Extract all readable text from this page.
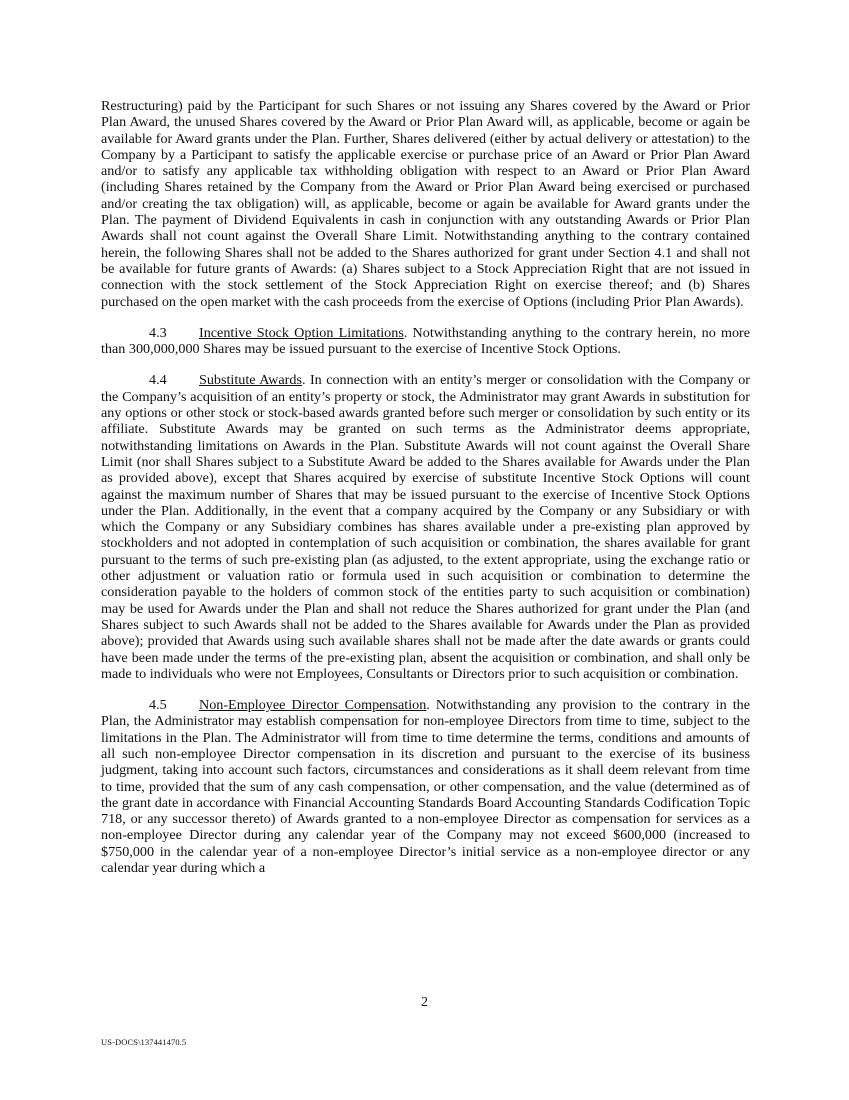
Restructuring) paid by the Participant for such Shares or not issuing any Shares covered by the Award or Prior Plan Award, the unused Shares covered by the Award or Prior Plan Award will, as applicable, become or again be available for Award grants under the Plan. Further, Shares delivered (either by actual delivery or attestation) to the Company by a Participant to satisfy the applicable exercise or purchase price of an Award or Prior Plan Award and/or to satisfy any applicable tax withholding obligation with respect to an Award or Prior Plan Award (including Shares retained by the Company from the Award or Prior Plan Award being exercised or purchased and/or creating the tax obligation) will, as applicable, become or again be available for Award grants under the Plan. The payment of Dividend Equivalents in cash in conjunction with any outstanding Awards or Prior Plan Awards shall not count against the Overall Share Limit. Notwithstanding anything to the contrary contained herein, the following Shares shall not be added to the Shares authorized for grant under Section 4.1 and shall not be available for future grants of Awards: (a) Shares subject to a Stock Appreciation Right that are not issued in connection with the stock settlement of the Stock Appreciation Right on exercise thereof; and (b) Shares purchased on the open market with the cash proceeds from the exercise of Options (including Prior Plan Awards).

4.3 Incentive Stock Option Limitations. Notwithstanding anything to the contrary herein, no more than 300,000,000 Shares may be issued pursuant to the exercise of Incentive Stock Options.

4.4 Substitute Awards. In connection with an entity’s merger or consolidation with the Company or the Company’s acquisition of an entity’s property or stock, the Administrator may grant Awards in substitution for any options or other stock or stock-based awards granted before such merger or consolidation by such entity or its affiliate. Substitute Awards may be granted on such terms as the Administrator deems appropriate, notwithstanding limitations on Awards in the Plan. Substitute Awards will not count against the Overall Share Limit (nor shall Shares subject to a Substitute Award be added to the Shares available for Awards under the Plan as provided above), except that Shares acquired by exercise of substitute Incentive Stock Options will count against the maximum number of Shares that may be issued pursuant to the exercise of Incentive Stock Options under the Plan. Additionally, in the event that a company acquired by the Company or any Subsidiary or with which the Company or any Subsidiary combines has shares available under a pre-existing plan approved by stockholders and not adopted in contemplation of such acquisition or combination, the shares available for grant pursuant to the terms of such pre-existing plan (as adjusted, to the extent appropriate, using the exchange ratio or other adjustment or valuation ratio or formula used in such acquisition or combination to determine the consideration payable to the holders of common stock of the entities party to such acquisition or combination) may be used for Awards under the Plan and shall not reduce the Shares authorized for grant under the Plan (and Shares subject to such Awards shall not be added to the Shares available for Awards under the Plan as provided above); provided that Awards using such available shares shall not be made after the date awards or grants could have been made under the terms of the pre-existing plan, absent the acquisition or combination, and shall only be made to individuals who were not Employees, Consultants or Directors prior to such acquisition or combination.

4.5 Non-Employee Director Compensation. Notwithstanding any provision to the contrary in the Plan, the Administrator may establish compensation for non-employee Directors from time to time, subject to the limitations in the Plan. The Administrator will from time to time determine the terms, conditions and amounts of all such non-employee Director compensation in its discretion and pursuant to the exercise of its business judgment, taking into account such factors, circumstances and considerations as it shall deem relevant from time to time, provided that the sum of any cash compensation, or other compensation, and the value (determined as of the grant date in accordance with Financial Accounting Standards Board Accounting Standards Codification Topic 718, or any successor thereto) of Awards granted to a non-employee Director as compensation for services as a non-employee Director during any calendar year of the Company may not exceed $600,000 (increased to $750,000 in the calendar year of a non-employee Director’s initial service as a non-employee director or any calendar year during which a

2
US-DOCS\137441470.5
